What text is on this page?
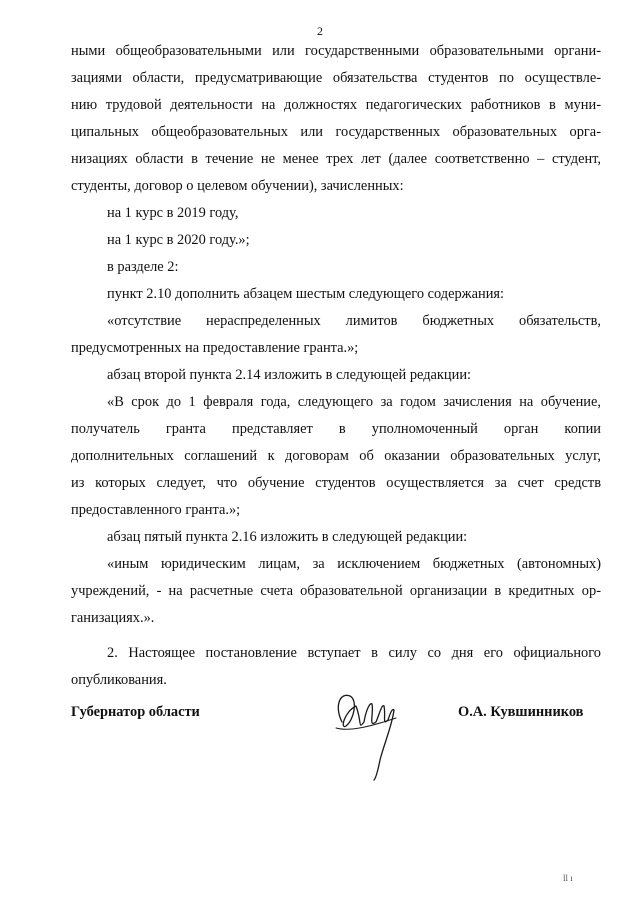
2
ными общеобразовательными или государственными образовательными органи-
зациями области, предусматривающие обязательства студентов по осуществле-
нию трудовой деятельности на должностях педагогических работников в муни-
ципальных общеобразовательных или государственных образовательных орга-
низациях области в течение не менее трех лет (далее соответственно – студент,
студенты, договор о целевом обучении), зачисленных:
на 1 курс в 2019 году,
на 1 курс в 2020 году.»;
в разделе 2:
пункт 2.10 дополнить абзацем шестым следующего содержания:
«отсутствие нераспределенных лимитов бюджетных обязательств,
предусмотренных на предоставление гранта.»;
абзац второй пункта 2.14 изложить в следующей редакции:
«В срок до 1 февраля года, следующего за годом зачисления на обучение,
получатель гранта представляет в уполномоченный орган копии
дополнительных соглашений к договорам об оказании образовательных услуг,
из которых следует, что обучение студентов осуществляется за счет средств
предоставленного гранта.»;
абзац пятый пункта 2.16 изложить в следующей редакции:
«иным юридическим лицам, за исключением бюджетных (автономных)
учреждений, - на расчетные счета образовательной организации в кредитных ор-
ганизациях.».
2. Настоящее постановление вступает в силу со дня его официального
опубликования.
Губернатор области	О.А. Кувшинников
ll ı
